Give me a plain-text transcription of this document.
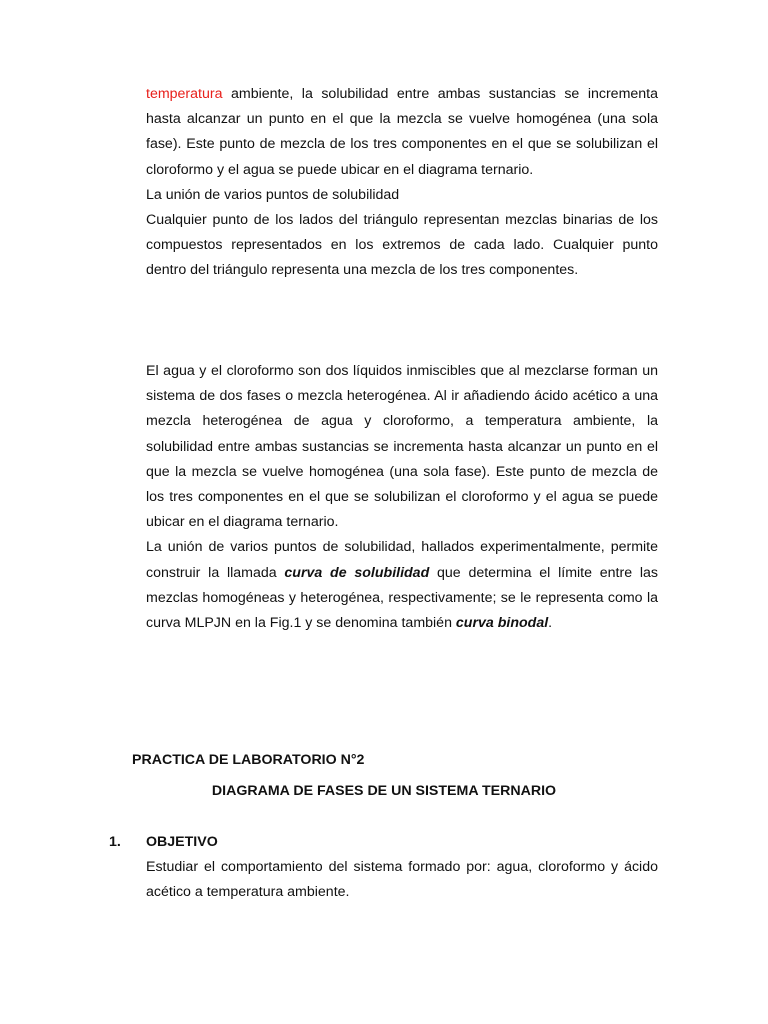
temperatura ambiente, la solubilidad entre ambas sustancias se incrementa hasta alcanzar un punto en el que la mezcla se vuelve homogénea (una sola fase). Este punto de mezcla de los tres componentes en el que se solubilizan el cloroformo y el agua se puede ubicar en el diagrama ternario.

La unión de varios puntos de solubilidad

Cualquier punto de los lados del triángulo representan mezclas binarias de los compuestos representados en los extremos de cada lado. Cualquier punto dentro del triángulo representa una mezcla de los tres componentes.

El agua y el cloroformo son dos líquidos inmiscibles que al mezclarse forman un sistema de dos fases o mezcla heterogénea. Al ir añadiendo ácido acético a una mezcla heterogénea de agua y cloroformo, a temperatura ambiente, la solubilidad entre ambas sustancias se incrementa hasta alcanzar un punto en el que la mezcla se vuelve homogénea (una sola fase). Este punto de mezcla de los tres componentes en el que se solubilizan el cloroformo y el agua se puede ubicar en el diagrama ternario.

La unión de varios puntos de solubilidad, hallados experimentalmente, permite construir la llamada curva de solubilidad que determina el límite entre las mezclas homogéneas y heterogénea, respectivamente; se le representa como la curva MLPJN en la Fig.1 y se denomina también curva binodal.

PRACTICA DE LABORATORIO N°2
DIAGRAMA DE FASES DE UN SISTEMA TERNARIO
1. OBJETIVO

Estudiar el comportamiento del sistema formado por: agua, cloroformo y ácido acético a temperatura ambiente.
